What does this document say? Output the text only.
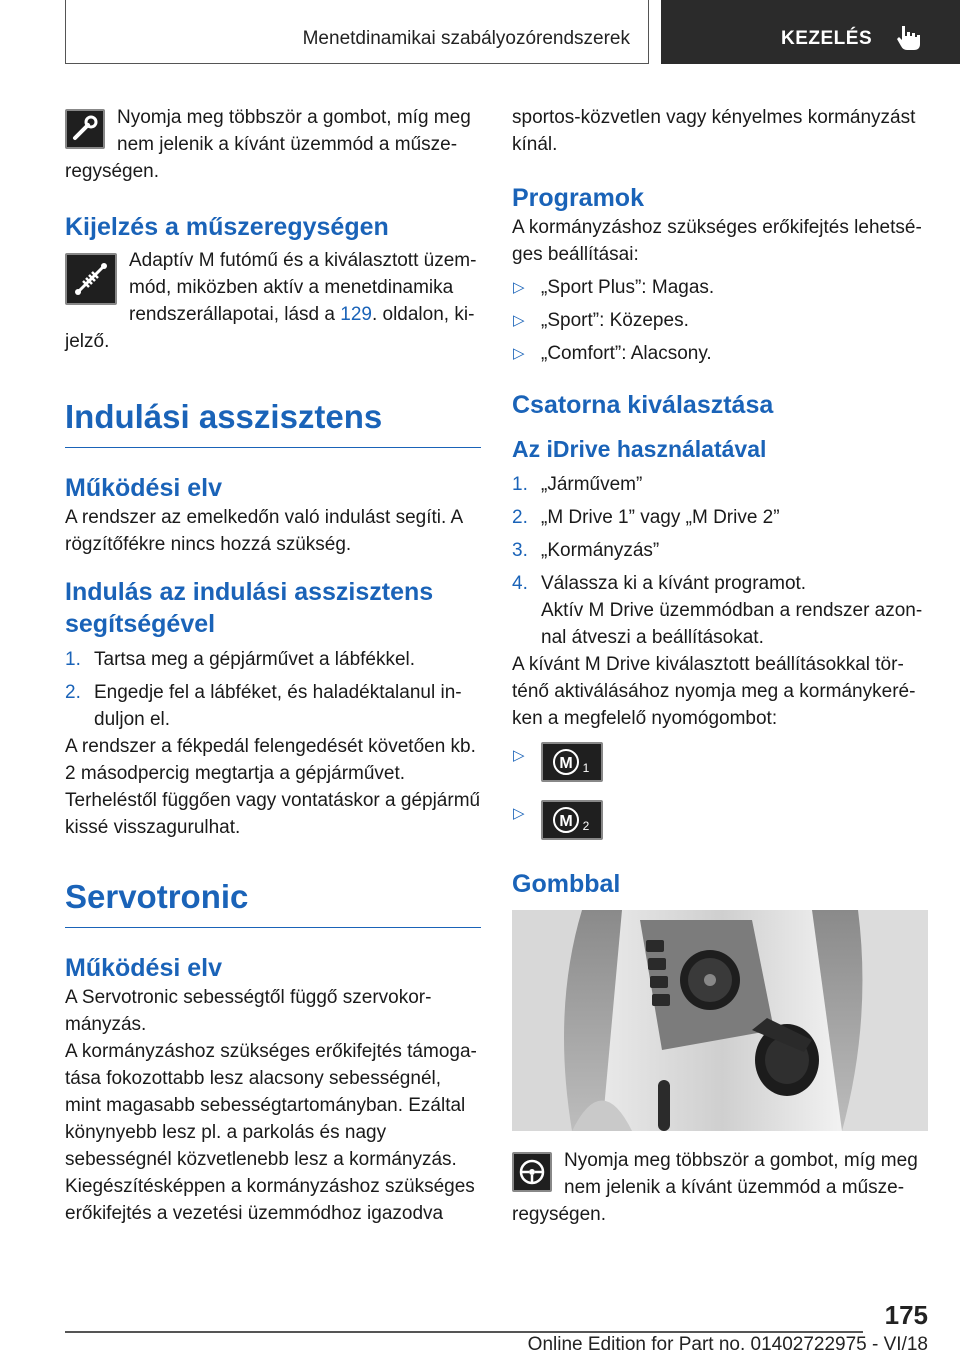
Menetdinamikai szabályozórendszerek	KEZELÉS

Nyomja meg többször a gombot, míg meg nem jelenik a kívánt üzemmód a műszeregységen.

Kijelzés a műszeregységen

Adaptív M futómű és a kiválasztott üzemmód, miközben aktív a menetdinamika rendszerállapotai, lásd a 129. oldalon, kijelző.

Indulási asszisztens
Működési elv

A rendszer az emelkedőn való indulást segíti. A rögzítőfékre nincs hozzá szükség.

Indulás az indulási asszisztens segítségével
1. Tartsa meg a gépjárművet a lábfékkel.
2. Engedje fel a lábféket, és haladéktalanul induljon el.

A rendszer a fékpedál felengedését követően kb. 2 másodpercig megtartja a gépjárművet.

Terheléstől függően vagy vontatáskor a gépjármű kissé visszagurulhat.

Servotronic
Működési elv

A Servotronic sebességtől függő szervokormányzás.

A kormányzáshoz szükséges erőkifejtés támogatása fokozottabb lesz alacsony sebességnél, mint magasabb sebességtartományban. Ezáltal könynyebb lesz pl. a parkolás és nagy sebességnél közvetlenebb lesz a kormányzás.

Kiegészítésképpen a kormányzáshoz szükséges erőkifejtés a vezetési üzemmódhoz igazodva

sportos-közvetlen vagy kényelmes kormányzást kínál.

Programok

A kormányzáshoz szükséges erőkifejtés lehetséges beállításai:

▷ „Sport Plus”: Magas.
▷ „Sport”: Közepes.
▷ „Comfort”: Alacsony.
Csatorna kiválasztása
Az iDrive használatával
1. „Járművem”
2. „M Drive 1” vagy „M Drive 2”
3. „Kormányzás”
4. Válassza ki a kívánt programot.

Aktív M Drive üzemmódban a rendszer azonnal átveszi a beállításokat.

A kívánt M Drive kiválasztott beállításokkal történő aktiválásához nyomja meg a kormánykeréken a megfelelő nyomógombot:

▷ M 1
▷ M 2
Gombbal

Nyomja meg többször a gombot, míg meg nem jelenik a kívánt üzemmód a műszeregységen.

175
Online Edition for Part no. 01402722975 - VI/18
